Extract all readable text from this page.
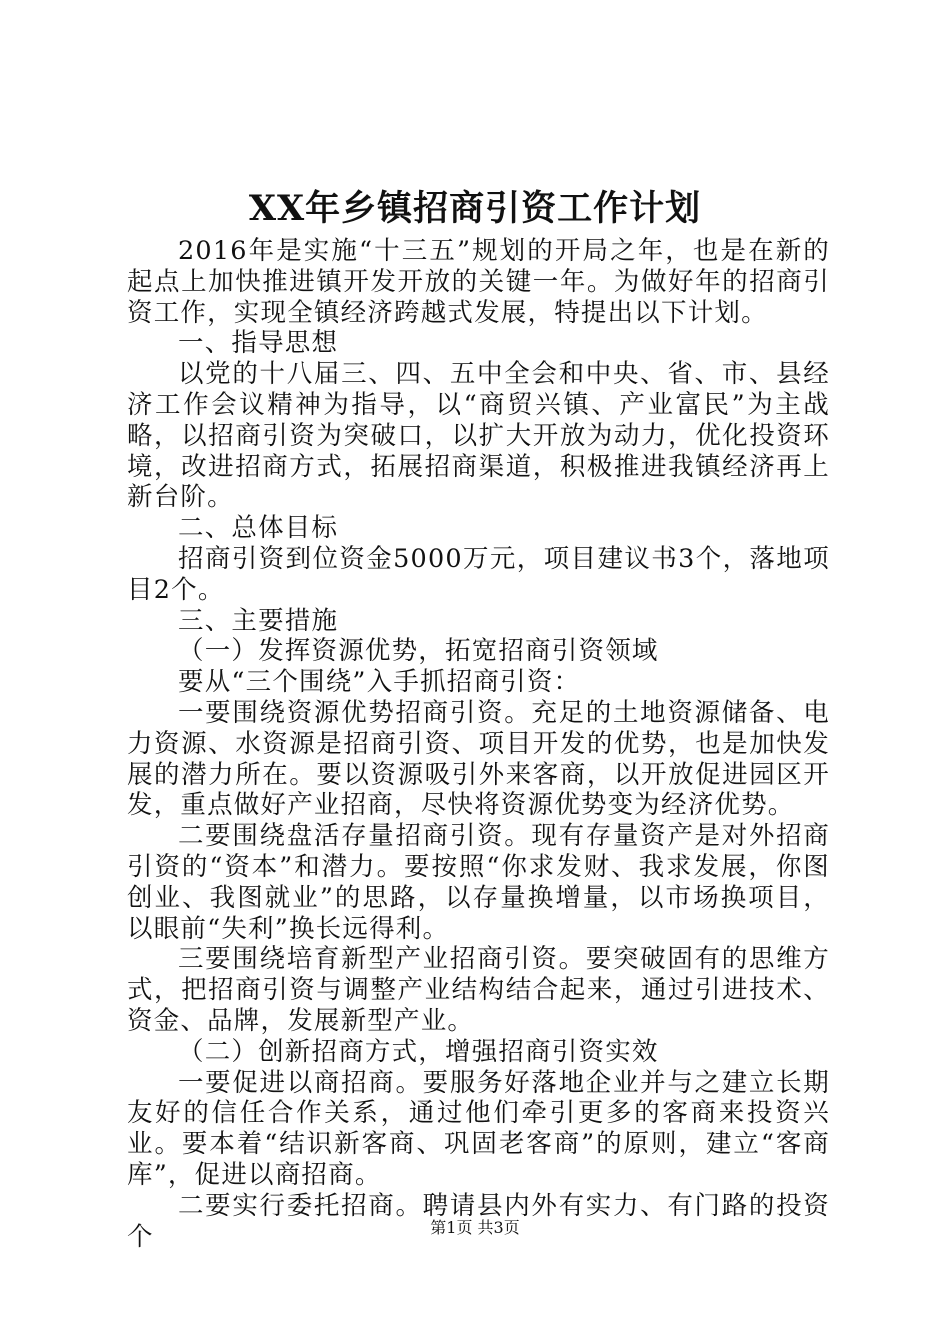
XX年乡镇招商引资工作计划

2016年是实施“十三五”规划的开局之年，也是在新的起点上加快推进镇开发开放的关键一年。为做好年的招商引资工作，实现全镇经济跨越式发展，特提出以下计划。

一、指导思想

以党的十八届三、四、五中全会和中央、省、市、县经济工作会议精神为指导，以“商贸兴镇、产业富民”为主战略，以招商引资为突破口，以扩大开放为动力，优化投资环境，改进招商方式，拓展招商渠道，积极推进我镇经济再上新台阶。

二、总体目标

招商引资到位资金5000万元，项目建议书3个，落地项目2个。

三、主要措施

（一）发挥资源优势，拓宽招商引资领域

要从“三个围绕”入手抓招商引资：

一要围绕资源优势招商引资。充足的土地资源储备、电力资源、水资源是招商引资、项目开发的优势，也是加快发展的潜力所在。要以资源吸引外来客商，以开放促进园区开发，重点做好产业招商，尽快将资源优势变为经济优势。

二要围绕盘活存量招商引资。现有存量资产是对外招商引资的“资本”和潜力。要按照“你求发财、我求发展，你图创业、我图就业”的思路，以存量换增量，以市场换项目，以眼前“失利”换长远得利。

三要围绕培育新型产业招商引资。要突破固有的思维方式，把招商引资与调整产业结构结合起来，通过引进技术、资金、品牌，发展新型产业。

（二）创新招商方式，增强招商引资实效

一要促进以商招商。要服务好落地企业并与之建立长期友好的信任合作关系，通过他们牵引更多的客商来投资兴业。要本着“结识新客商、巩固老客商”的原则，建立“客商库”，促进以商招商。

二要实行委托招商。聘请县内外有实力、有门路的投资个	第1页 共3页
